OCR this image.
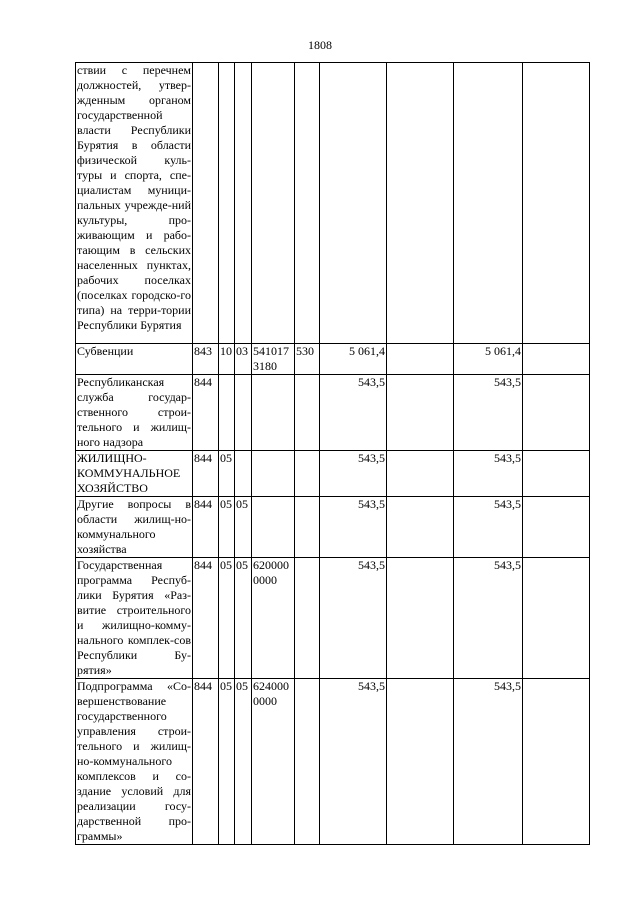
1808
ствии с перечнем должностей, утвер-жденным органом государственной власти Республики Бурятия в области физической куль-туры и спорта, спе-циалистам муници-пальных учрежде-ний культуры, про-живающим и рабо-тающим в сельских населенных пунктах, рабочих поселках (поселках городско-го типа) на терри-тории Республики Бурятия									
Субвенции	843	10	03	541017 3180	530	5 061,4		5 061,4	
Республиканская служба государ-ственного строи-тельного и жилищ-ного надзора	844					543,5		543,5	
ЖИЛИЩНО-КОММУНАЛЬНОЕ ХОЗЯЙСТВО	844	05				543,5		543,5	
Другие вопросы в области жилищ-но-коммунального хозяйства	844	05	05			543,5		543,5	
Государственная программа Респуб-лики Бурятия «Раз-витие строительного и жилищно-комму-нального комплек-сов Республики Бу-рятия»	844	05	05	620000 0000		543,5		543,5	
Подпрограмма «Со-вершенствование государственного управления строи-тельного и жилищ-но-коммунального комплексов и со-здание условий для реализации госу-дарственной про-граммы»	844	05	05	624000 0000		543,5		543,5	
